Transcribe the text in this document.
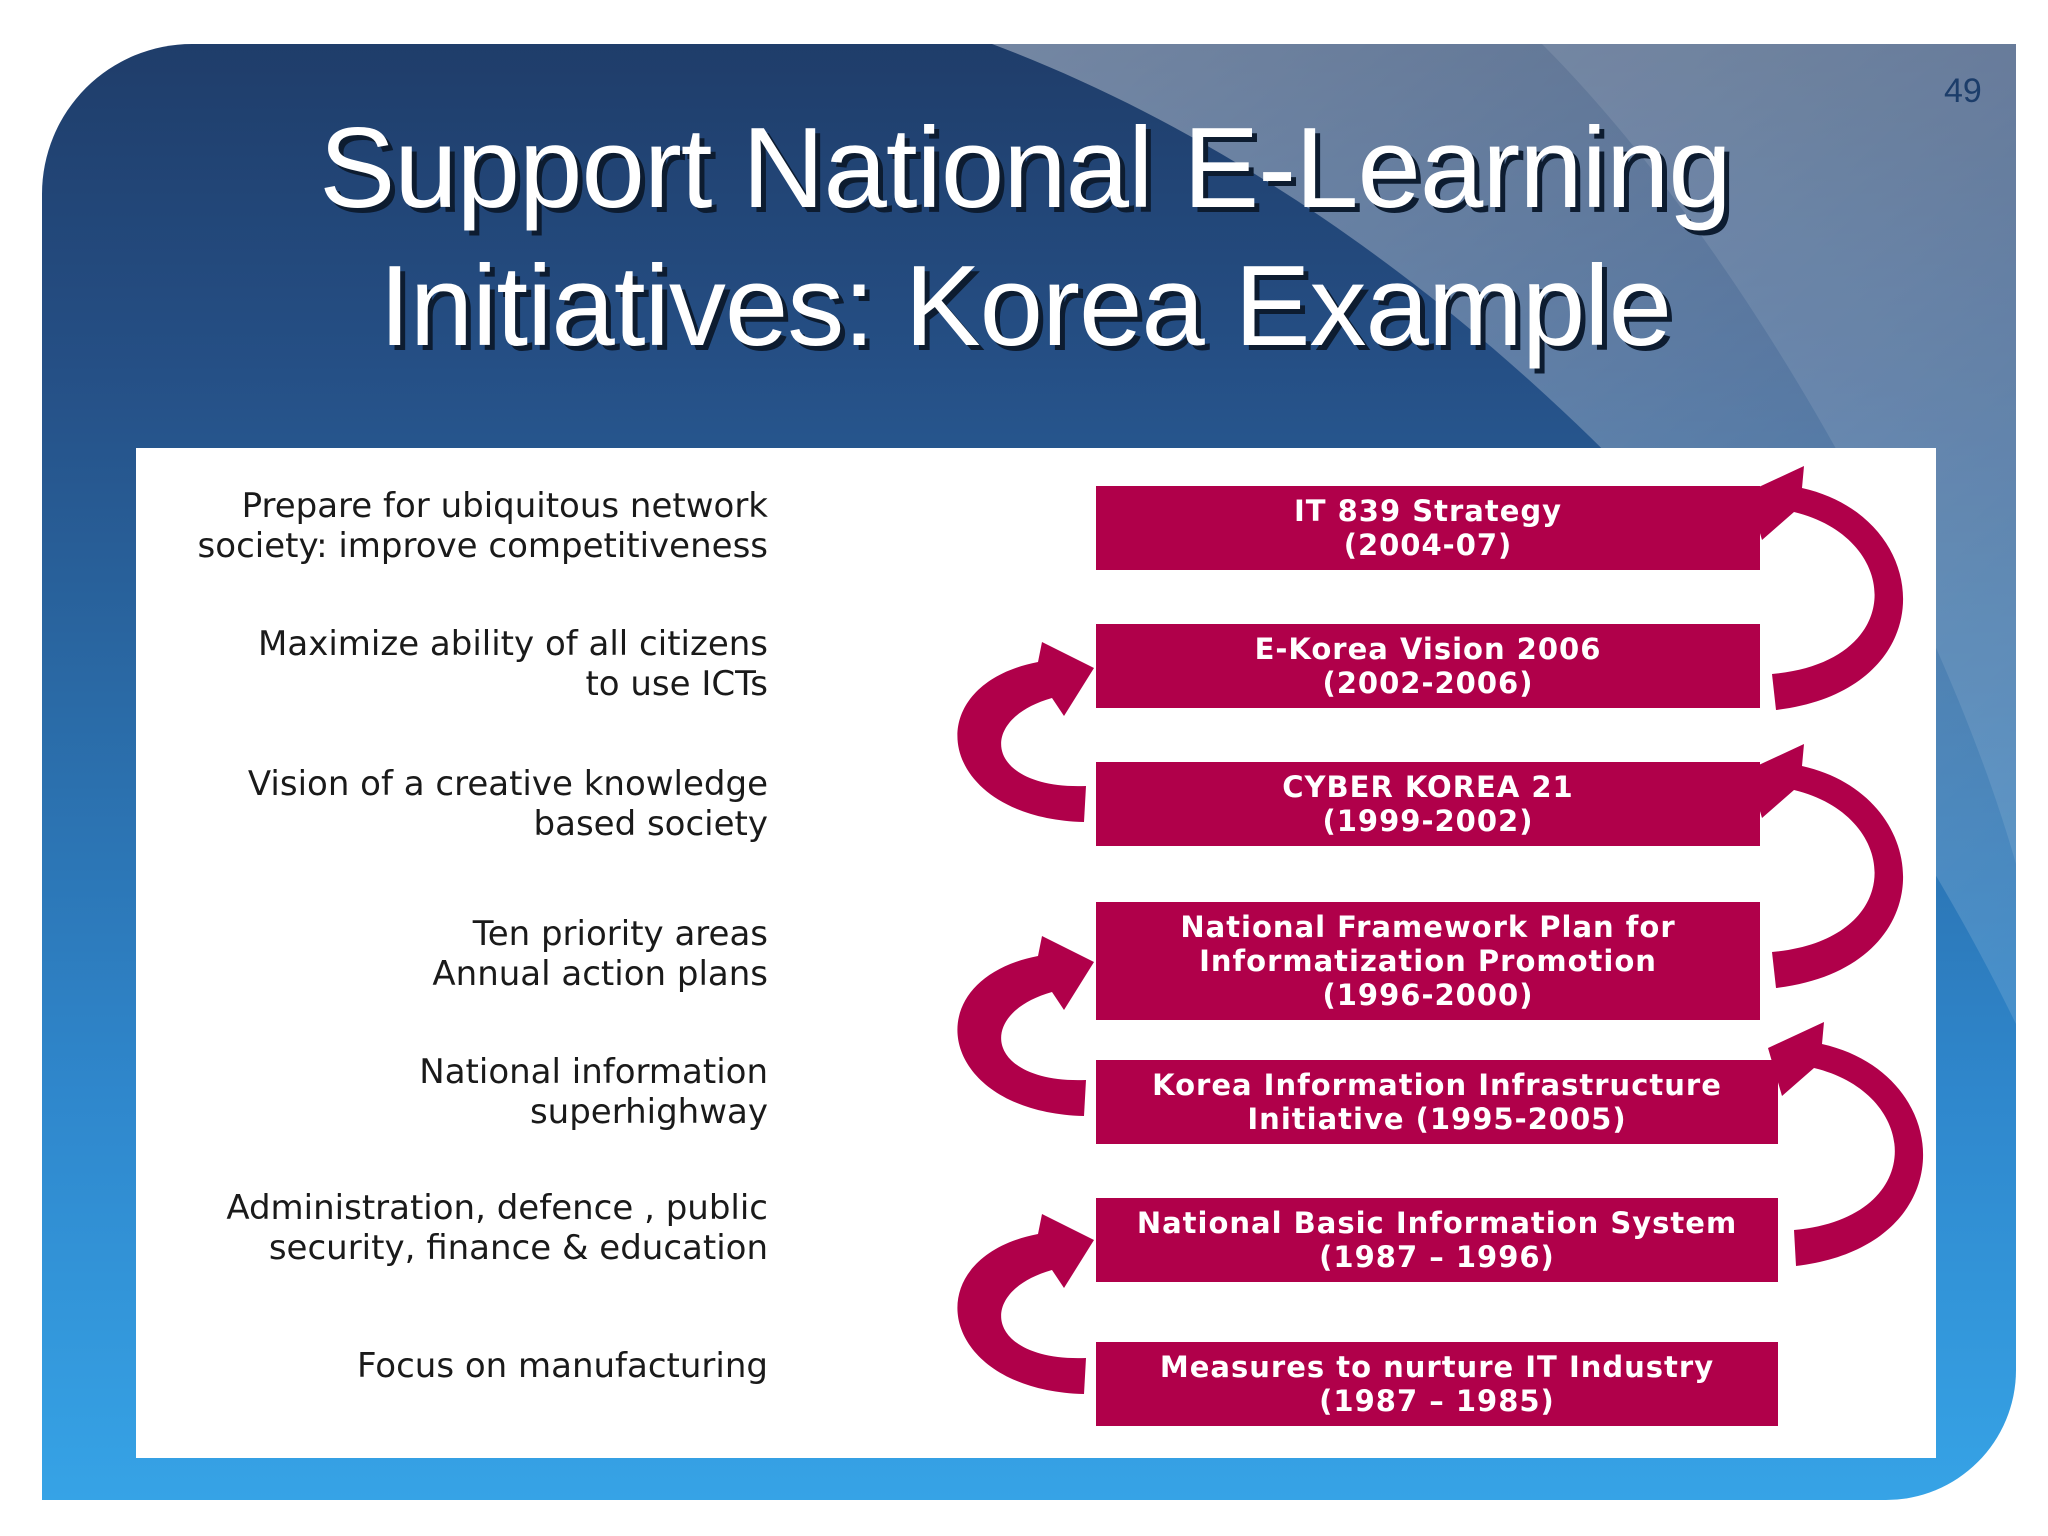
49
Support National E-Learning
Initiatives: Korea Example
Prepare for ubiquitous network
society: improve competitiveness
Maximize ability of all citizens
to use ICTs
Vision of a creative knowledge
based society
Ten priority areas
Annual action plans
National information
superhighway
Administration, defence , public
security, finance & education
Focus on manufacturing
IT 839 Strategy
(2004-07)
E-Korea Vision 2006
(2002-2006)
CYBER KOREA 21
(1999-2002)
National Framework Plan for
Informatization Promotion
(1996-2000)
Korea Information Infrastructure
Initiative (1995-2005)
National Basic Information System
(1987 – 1996)
Measures to nurture IT Industry
(1987 – 1985)
